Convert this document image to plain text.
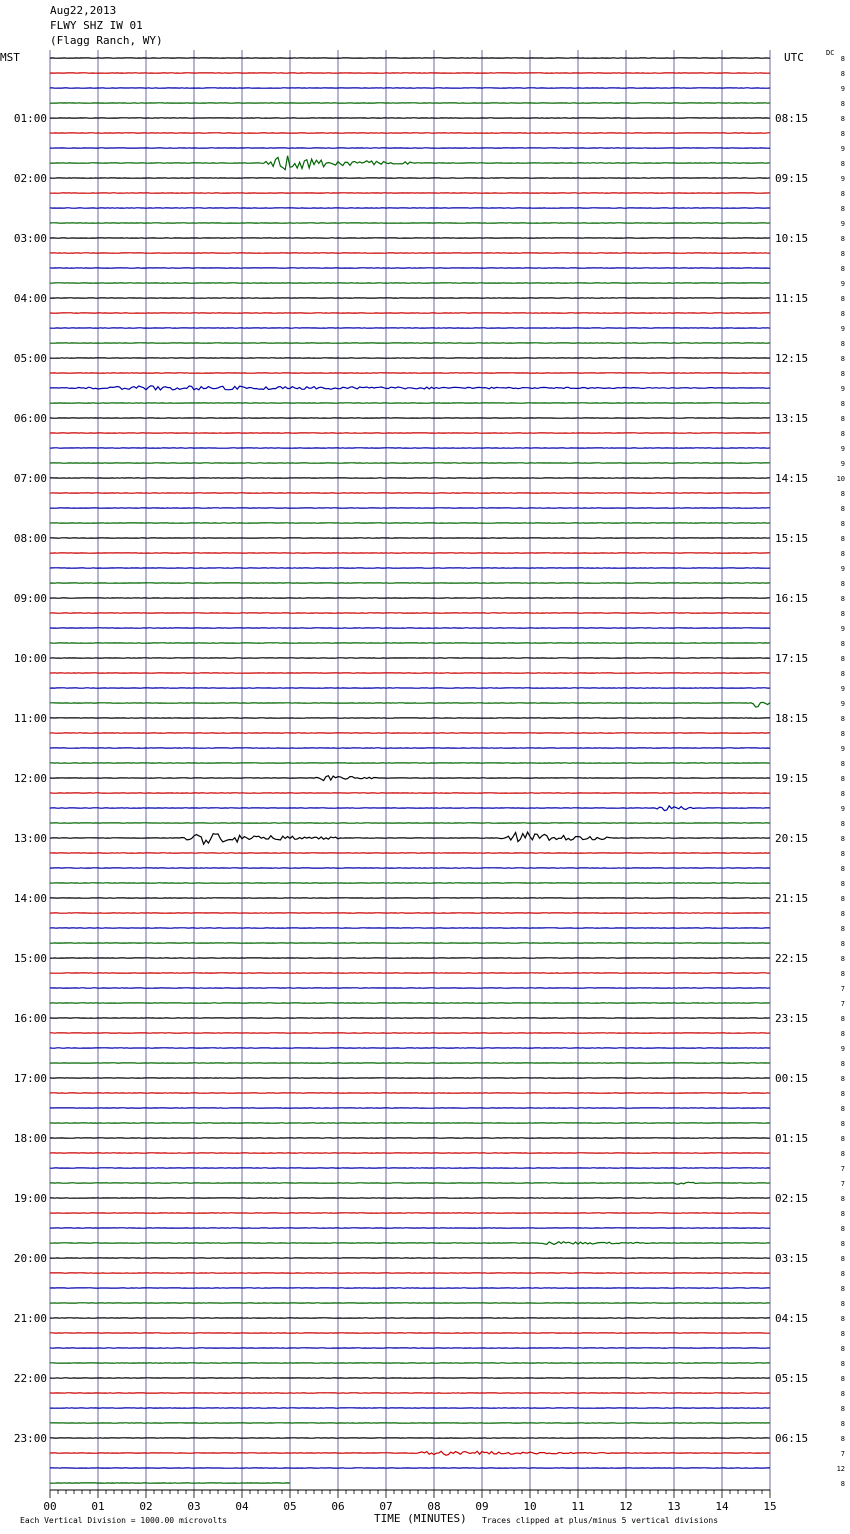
00	01	02	03	04	05	06	07	08	09	10	11	12	13	14	15
8
8
9
8
8
8
9
8
9
8
8
9
8
8
8
9
8
8
9
8
8
8
9
8
8
8
9
9
10
8
8
8
8
8
9
8
8
8
9
8
8
8
9
9
8
8
9
8
8
8
9
8
8
8
8
8
8
8
8
8
8
8
7
7
8
8
9
8
8
8
8
8
8
8
7
7
8
8
8
8
8
8
8
8
8
8
8
8
8
8
8
8
8
7
12
8
01:00
02:00
03:00
04:00
05:00
06:00
07:00
08:00
09:00
10:00
11:00
12:00
13:00
14:00
15:00
16:00
17:00
18:00
19:00
20:00
21:00
22:00
23:00
08:15
09:15
10:15
11:15
12:15
13:15
14:15
15:15
16:15
17:15
18:15
19:15
20:15
21:15
22:15
23:15
00:15
01:15
02:15
03:15
04:15
05:15
06:15
Aug22,2013
FLWY SHZ IW 01
(Flagg Ranch, WY)
MST	UTC	DC
Each Vertical Division = 1000.00 microvolts	TIME (MINUTES) Traces clipped at plus/minus 5 vertical divisions
